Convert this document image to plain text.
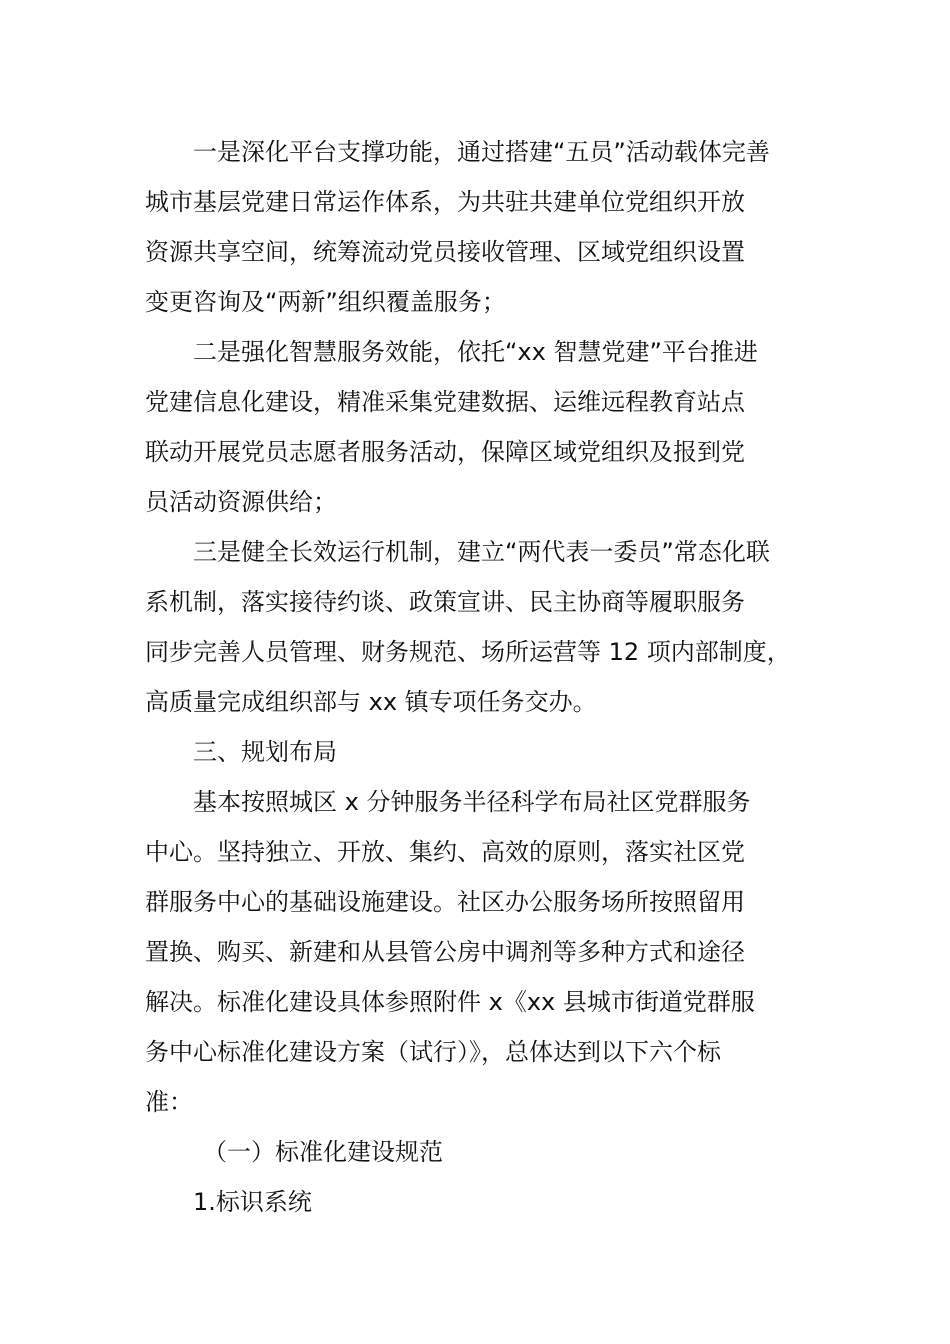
一是深化平台支撑功能，通过搭建“五员”活动载体完善
城市基层党建日常运作体系，为共驻共建单位党组织开放
资源共享空间，统筹流动党员接收管理、区域党组织设置
变更咨询及“两新”组织覆盖服务；
二是强化智慧服务效能，依托“xx 智慧党建”平台推进
党建信息化建设，精准采集党建数据、运维远程教育站点
联动开展党员志愿者服务活动，保障区域党组织及报到党
员活动资源供给；
三是健全长效运行机制，建立“两代表一委员”常态化联
系机制，落实接待约谈、政策宣讲、民主协商等履职服务
同步完善人员管理、财务规范、场所运营等 12 项内部制度，
高质量完成组织部与 xx 镇专项任务交办。
三、规划布局
基本按照城区 x 分钟服务半径科学布局社区党群服务
中心。坚持独立、开放、集约、高效的原则，落实社区党
群服务中心的基础设施建设。社区办公服务场所按照留用
置换、购买、新建和从县管公房中调剂等多种方式和途径
解决。标准化建设具体参照附件 x《xx 县城市街道党群服
务中心标准化建设方案（试行）》，总体达到以下六个标
准：
（一）标准化建设规范
1.标识系统
